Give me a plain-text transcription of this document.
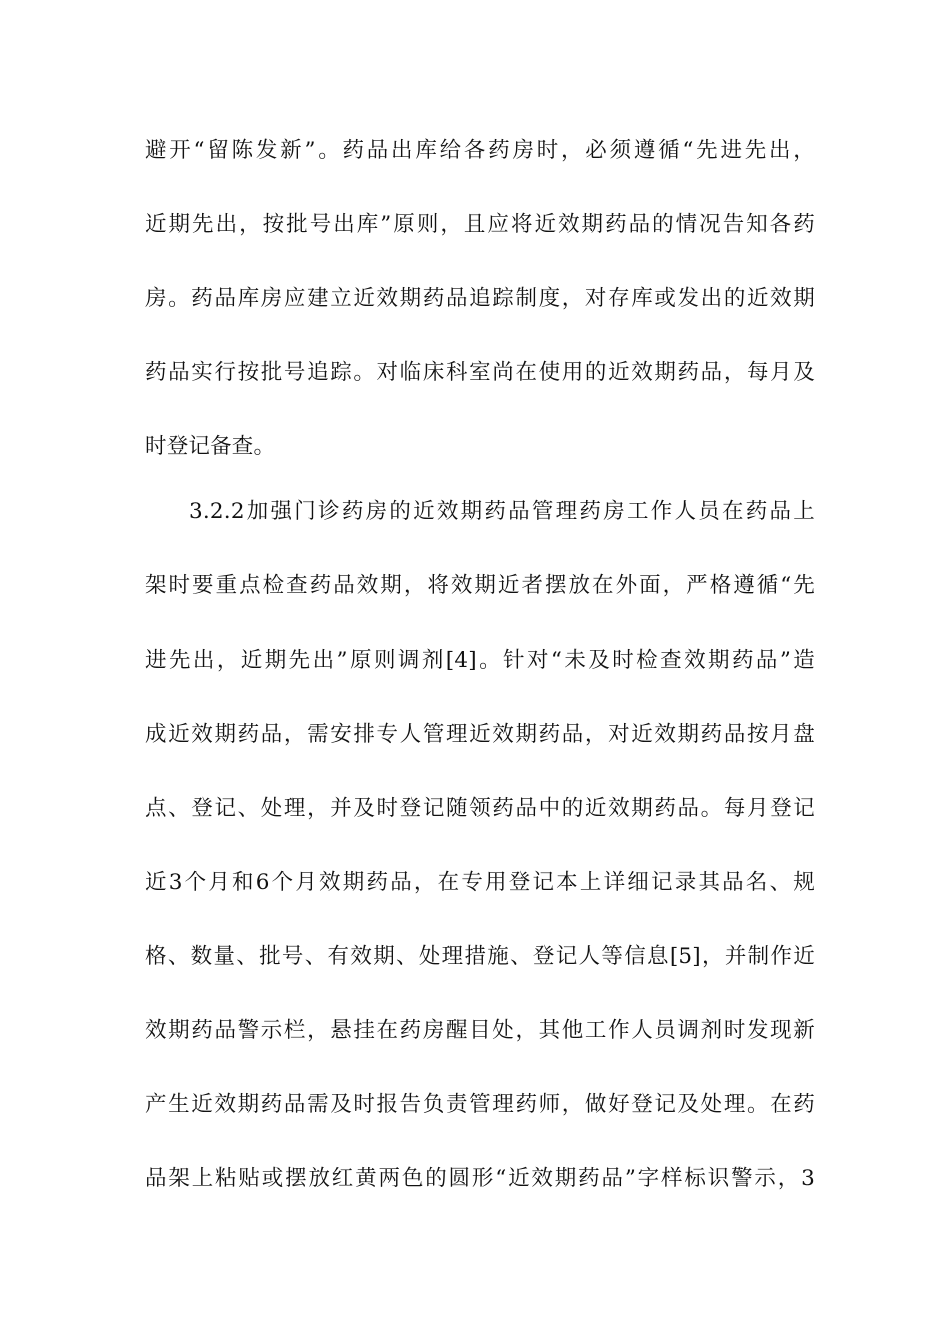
避开“留陈发新”。药品出库给各药房时，必须遵循“先进先出，
近期先出，按批号出库”原则，且应将近效期药品的情况告知各药
房。药品库房应建立近效期药品追踪制度，对存库或发出的近效期
药品实行按批号追踪。对临床科室尚在使用的近效期药品，每月及
时登记备查。
3.2.2加强门诊药房的近效期药品管理药房工作人员在药品上
架时要重点检查药品效期，将效期近者摆放在外面，严格遵循“先
进先出，近期先出”原则调剂[4]。针对“未及时检查效期药品”造
成近效期药品，需安排专人管理近效期药品，对近效期药品按月盘
点、登记、处理，并及时登记随领药品中的近效期药品。每月登记
近3个月和6个月效期药品，在专用登记本上详细记录其品名、规
格、数量、批号、有效期、处理措施、登记人等信息[5]，并制作近
效期药品警示栏，悬挂在药房醒目处，其他工作人员调剂时发现新
产生近效期药品需及时报告负责管理药师，做好登记及处理。在药
品架上粘贴或摆放红黄两色的圆形“近效期药品”字样标识警示，3
